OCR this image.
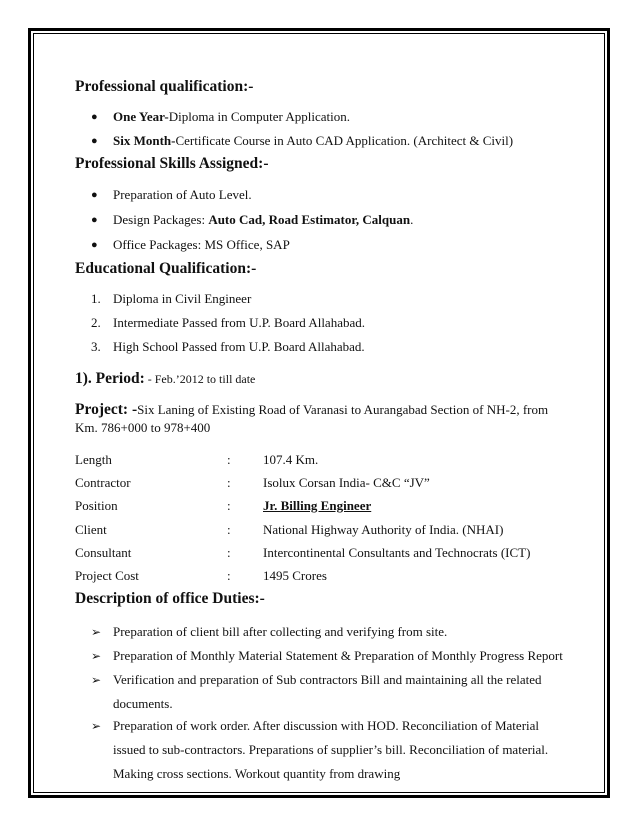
Professional qualification:-
● One Year-Diploma in Computer Application.
● Six Month-Certificate Course in Auto CAD Application. (Architect & Civil)
Professional Skills Assigned:-
● Preparation of Auto Level.
● Design Packages: Auto Cad, Road Estimator, Calquan.
● Office Packages: MS Office, SAP
Educational Qualification:-
1. Diploma in Civil Engineer
2. Intermediate Passed from U.P. Board Allahabad.
3. High School Passed from U.P. Board Allahabad.
1). Period: - Feb.’2012 to till date
Project: -Six Laning of Existing Road of Varanasi to Aurangabad Section of NH-2, from
Km. 786+000 to 978+400
Length	: 107.4 Km.
Contractor	: Isolux Corsan India- C&C “JV”
Position	: Jr. Billing Engineer
Client	: National Highway Authority of India. (NHAI)
Consultant	: Intercontinental Consultants and Technocrats (ICT)
Project Cost	: 1495 Crores
Description of office Duties:-
➢ Preparation of client bill after collecting and verifying from site.
➢ Preparation of Monthly Material Statement & Preparation of Monthly Progress Report
➢ Verification and preparation of Sub contractors Bill and maintaining all the related
documents.
➢ Preparation of work order. After discussion with HOD. Reconciliation of Material
issued to sub-contractors. Preparations of supplier’s bill. Reconciliation of material.
Making cross sections. Workout quantity from drawing
